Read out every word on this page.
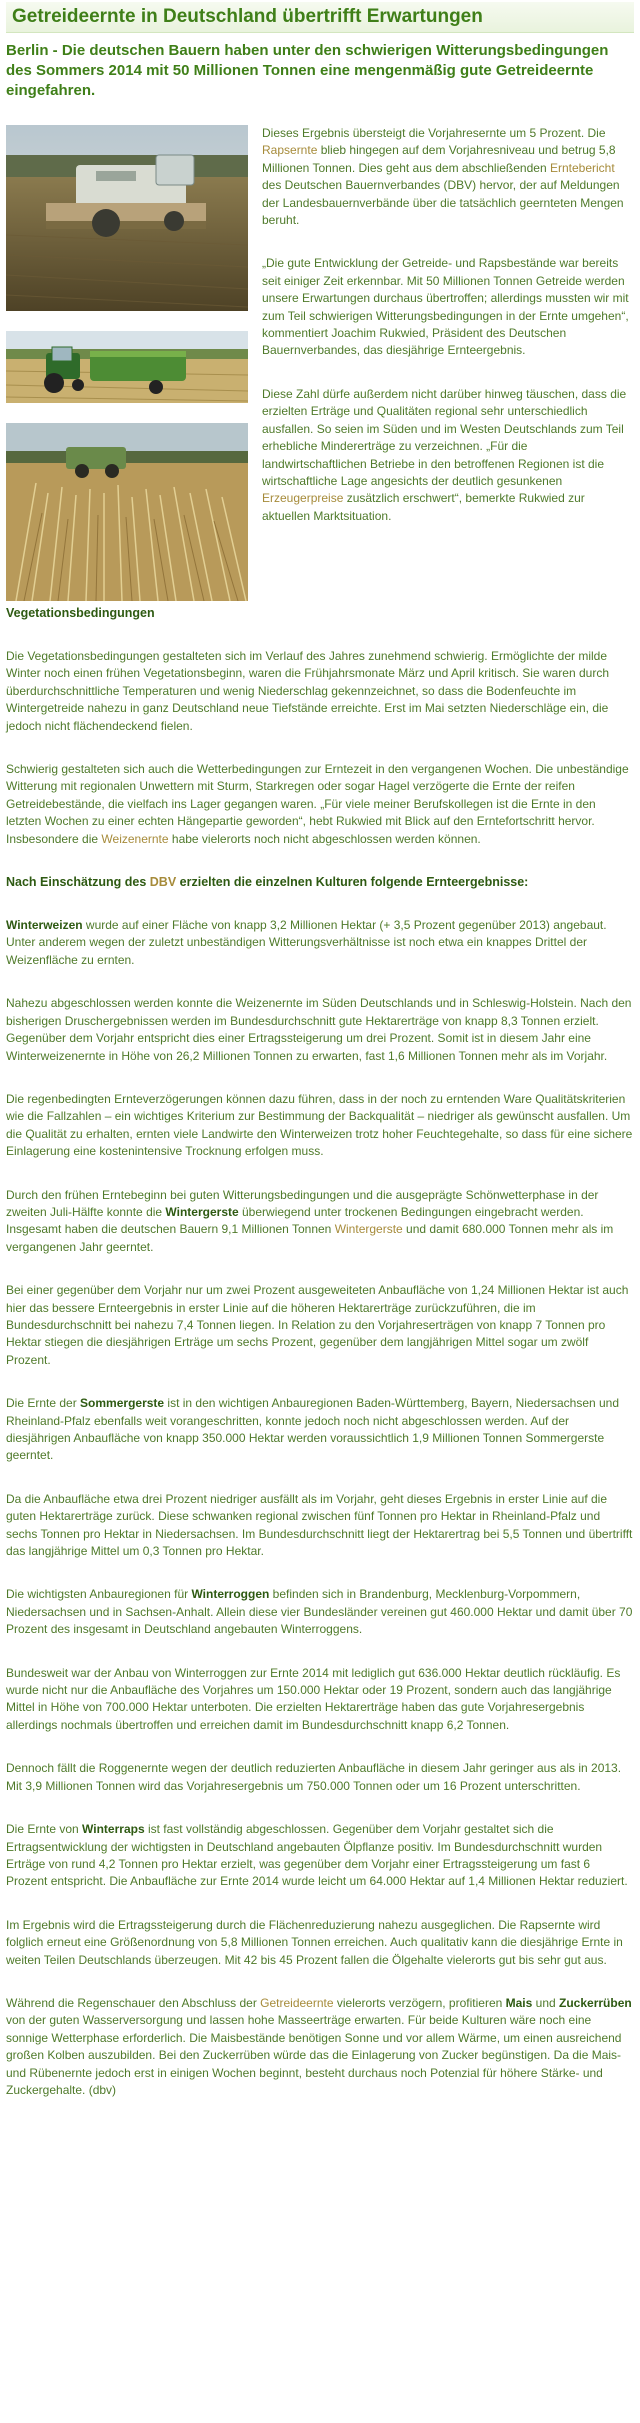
Getreideernte in Deutschland übertrifft Erwartungen
Berlin - Die deutschen Bauern haben unter den schwierigen Witterungsbedingungen des Sommers 2014 mit 50 Millionen Tonnen eine mengenmäßig gute Getreideernte eingefahren.

Dieses Ergebnis übersteigt die Vorjahresernte um 5 Prozent. Die Rapsernte blieb hingegen auf dem Vorjahresniveau und betrug 5,8 Millionen Tonnen. Dies geht aus dem abschließenden Erntebericht des Deutschen Bauernverbandes (DBV) hervor, der auf Meldungen der Landesbauernverbände über die tatsächlich geernteten Mengen beruht.

„Die gute Entwicklung der Getreide- und Rapsbestände war bereits seit einiger Zeit erkennbar. Mit 50 Millionen Tonnen Getreide werden unsere Erwartungen durchaus übertroffen; allerdings mussten wir mit zum Teil schwierigen Witterungsbedingungen in der Ernte umgehen“, kommentiert Joachim Rukwied, Präsident des Deutschen Bauernverbandes, das diesjährige Ernteergebnis.

Diese Zahl dürfe außerdem nicht darüber hinweg täuschen, dass die erzielten Erträge und Qualitäten regional sehr unterschiedlich ausfallen. So seien im Süden und im Westen Deutschlands zum Teil erhebliche Mindererträge zu verzeichnen. „Für die landwirtschaftlichen Betriebe in den betroffenen Regionen ist die wirtschaftliche Lage angesichts der deutlich gesunkenen Erzeugerpreise zusätzlich erschwert“, bemerkte Rukwied zur aktuellen Marktsituation.

Vegetationsbedingungen

Die Vegetationsbedingungen gestalteten sich im Verlauf des Jahres zunehmend schwierig. Ermöglichte der milde Winter noch einen frühen Vegetationsbeginn, waren die Frühjahrsmonate März und April kritisch. Sie waren durch überdurchschnittliche Temperaturen und wenig Niederschlag gekennzeichnet, so dass die Bodenfeuchte im Wintergetreide nahezu in ganz Deutschland neue Tiefstände erreichte. Erst im Mai setzten Niederschläge ein, die jedoch nicht flächendeckend fielen.

Schwierig gestalteten sich auch die Wetterbedingungen zur Erntezeit in den vergangenen Wochen. Die unbeständige Witterung mit regionalen Unwettern mit Sturm, Starkregen oder sogar Hagel verzögerte die Ernte der reifen Getreidebestände, die vielfach ins Lager gegangen waren. „Für viele meiner Berufskollegen ist die Ernte in den letzten Wochen zu einer echten Hängepartie geworden“, hebt Rukwied mit Blick auf den Erntefortschritt hervor. Insbesondere die Weizenernte habe vielerorts noch nicht abgeschlossen werden können.

Nach Einschätzung des DBV erzielten die einzelnen Kulturen folgende Ernteergebnisse:

Winterweizen wurde auf einer Fläche von knapp 3,2 Millionen Hektar (+ 3,5 Prozent gegenüber 2013) angebaut. Unter anderem wegen der zuletzt unbeständigen Witterungsverhältnisse ist noch etwa ein knappes Drittel der Weizenfläche zu ernten.

Nahezu abgeschlossen werden konnte die Weizenernte im Süden Deutschlands und in Schleswig-Holstein. Nach den bisherigen Druschergebnissen werden im Bundesdurchschnitt gute Hektarerträge von knapp 8,3 Tonnen erzielt. Gegenüber dem Vorjahr entspricht dies einer Ertragssteigerung um drei Prozent. Somit ist in diesem Jahr eine Winterweizenernte in Höhe von 26,2 Millionen Tonnen zu erwarten, fast 1,6 Millionen Tonnen mehr als im Vorjahr.

Die regenbedingten Ernteverzögerungen können dazu führen, dass in der noch zu erntenden Ware Qualitätskriterien wie die Fallzahlen – ein wichtiges Kriterium zur Bestimmung der Backqualität – niedriger als gewünscht ausfallen. Um die Qualität zu erhalten, ernten viele Landwirte den Winterweizen trotz hoher Feuchtegehalte, so dass für eine sichere Einlagerung eine kostenintensive Trocknung erfolgen muss.

Durch den frühen Erntebeginn bei guten Witterungsbedingungen und die ausgeprägte Schönwetterphase in der zweiten Juli-Hälfte konnte die Wintergerste überwiegend unter trockenen Bedingungen eingebracht werden. Insgesamt haben die deutschen Bauern 9,1 Millionen Tonnen Wintergerste und damit 680.000 Tonnen mehr als im vergangenen Jahr geerntet.

Bei einer gegenüber dem Vorjahr nur um zwei Prozent ausgeweiteten Anbaufläche von 1,24 Millionen Hektar ist auch hier das bessere Ernteergebnis in erster Linie auf die höheren Hektarerträge zurückzuführen, die im Bundesdurchschnitt bei nahezu 7,4 Tonnen liegen. In Relation zu den Vorjahreserträgen von knapp 7 Tonnen pro Hektar stiegen die diesjährigen Erträge um sechs Prozent, gegenüber dem langjährigen Mittel sogar um zwölf Prozent.

Die Ernte der Sommergerste ist in den wichtigen Anbauregionen Baden-Württemberg, Bayern, Niedersachsen und Rheinland-Pfalz ebenfalls weit vorangeschritten, konnte jedoch noch nicht abgeschlossen werden. Auf der diesjährigen Anbaufläche von knapp 350.000 Hektar werden voraussichtlich 1,9 Millionen Tonnen Sommergerste geerntet.

Da die Anbaufläche etwa drei Prozent niedriger ausfällt als im Vorjahr, geht dieses Ergebnis in erster Linie auf die guten Hektarerträge zurück. Diese schwanken regional zwischen fünf Tonnen pro Hektar in Rheinland-Pfalz und sechs Tonnen pro Hektar in Niedersachsen. Im Bundesdurchschnitt liegt der Hektarertrag bei 5,5 Tonnen und übertrifft das langjährige Mittel um 0,3 Tonnen pro Hektar.

Die wichtigsten Anbauregionen für Winterroggen befinden sich in Brandenburg, Mecklenburg-Vorpommern, Niedersachsen und in Sachsen-Anhalt. Allein diese vier Bundesländer vereinen gut 460.000 Hektar und damit über 70 Prozent des insgesamt in Deutschland angebauten Winterroggens.

Bundesweit war der Anbau von Winterroggen zur Ernte 2014 mit lediglich gut 636.000 Hektar deutlich rückläufig. Es wurde nicht nur die Anbaufläche des Vorjahres um 150.000 Hektar oder 19 Prozent, sondern auch das langjährige Mittel in Höhe von 700.000 Hektar unterboten. Die erzielten Hektarerträge haben das gute Vorjahresergebnis allerdings nochmals übertroffen und erreichen damit im Bundesdurchschnitt knapp 6,2 Tonnen.

Dennoch fällt die Roggenernte wegen der deutlich reduzierten Anbaufläche in diesem Jahr geringer aus als in 2013. Mit 3,9 Millionen Tonnen wird das Vorjahresergebnis um 750.000 Tonnen oder um 16 Prozent unterschritten.

Die Ernte von Winterraps ist fast vollständig abgeschlossen. Gegenüber dem Vorjahr gestaltet sich die Ertragsentwicklung der wichtigsten in Deutschland angebauten Ölpflanze positiv. Im Bundesdurchschnitt wurden Erträge von rund 4,2 Tonnen pro Hektar erzielt, was gegenüber dem Vorjahr einer Ertragssteigerung um fast 6 Prozent entspricht. Die Anbaufläche zur Ernte 2014 wurde leicht um 64.000 Hektar auf 1,4 Millionen Hektar reduziert.

Im Ergebnis wird die Ertragssteigerung durch die Flächenreduzierung nahezu ausgeglichen. Die Rapsernte wird folglich erneut eine Größenordnung von 5,8 Millionen Tonnen erreichen. Auch qualitativ kann die diesjährige Ernte in weiten Teilen Deutschlands überzeugen. Mit 42 bis 45 Prozent fallen die Ölgehalte vielerorts gut bis sehr gut aus.

Während die Regenschauer den Abschluss der Getreideernte vielerorts verzögern, profitieren Mais und Zuckerrüben von der guten Wasserversorgung und lassen hohe Masseerträge erwarten. Für beide Kulturen wäre noch eine sonnige Wetterphase erforderlich. Die Maisbestände benötigen Sonne und vor allem Wärme, um einen ausreichend großen Kolben auszubilden. Bei den Zuckerrüben würde das die Einlagerung von Zucker begünstigen. Da die Mais- und Rübenernte jedoch erst in einigen Wochen beginnt, besteht durchaus noch Potenzial für höhere Stärke- und Zuckergehalte. (dbv)
